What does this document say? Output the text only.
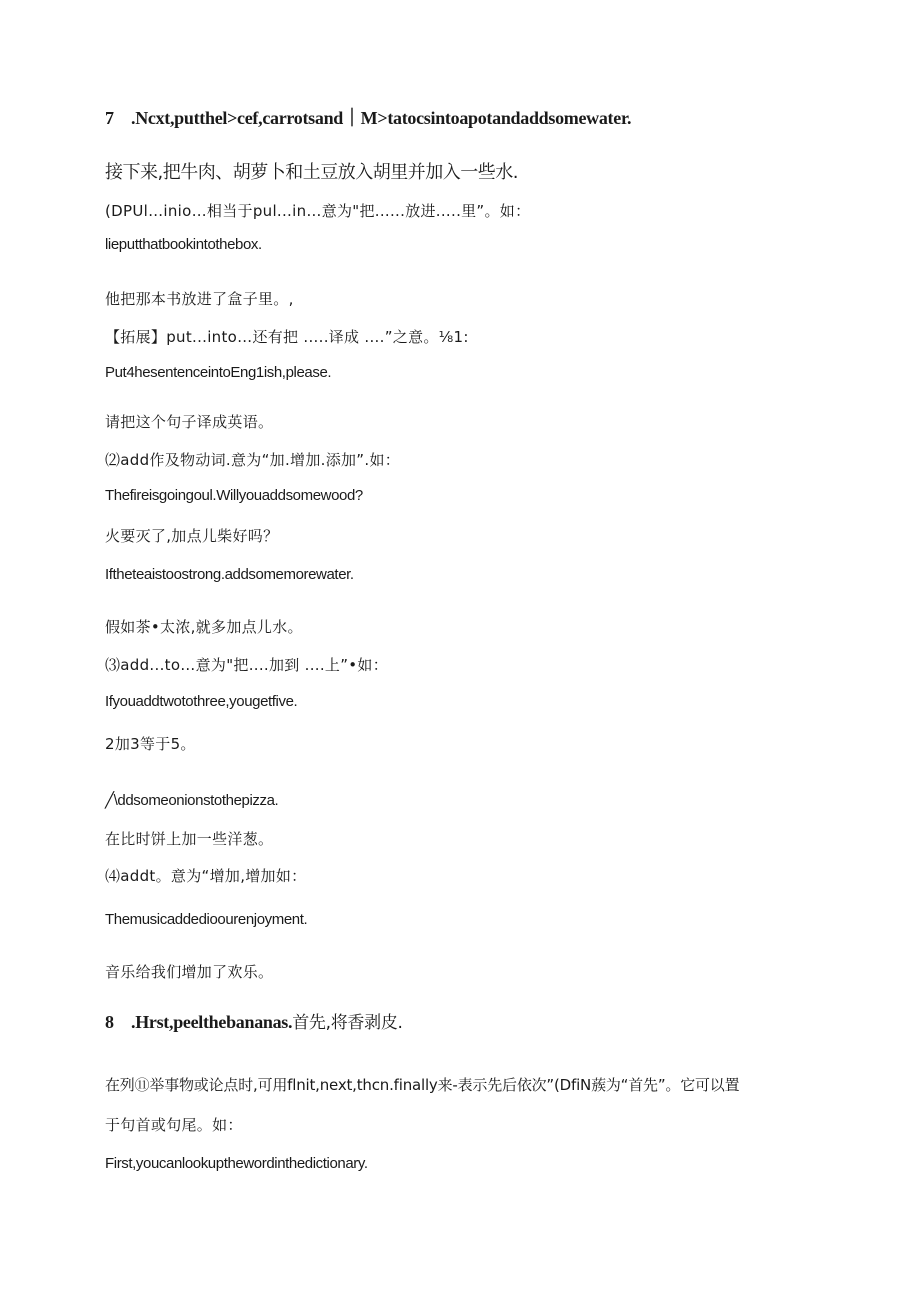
7 .Ncxt,putthel>cef,carrotsand｜M>tatocsintoapotandaddsomewater.
接下来,把牛肉、胡萝卜和土豆放入胡里并加入一些水.
(DPUl…inio…相当于pul...in…意为"把......放进.....里”。如：
lieputthatbookintothebox.
他把那本书放进了盒子里。,
【拓展】put...into…还有把 .....译成 ....”之意。⅛1:
Put4hesentenceintoEng1ish,please.
请把这个句子译成英语。
⑵add作及物动词.意为“加.增加.添加”.如：
Thefireisgoingoul.Willyouaddsomewood?
火要灭了,加点儿柴好吗？
Iftheteaistoostrong.addsomemorewater.
假如茶•太浓,就多加点儿水。
⑶add...to…意为"把....加到 ....上”•如：
Ifyouaddtwotothree,yougetfive.
2加3等于5。
╱\ddsomeonionstothepizza.
在比时饼上加一些洋葱。
⑷addt。意为“增加,增加如：
Themusicaddedioourenjoyment.
音乐给我们增加了欢乐。
8 .Hrst,peelthebananas.首先,将香剥皮.
在列⑪举事物或论点时,可用flnit,next,thcn.finally来-表示先后依次”(DfiN蔟为“首先”。它可以置
于句首或句尾。如：
First,youcanlookupthewordinthedictionary.
